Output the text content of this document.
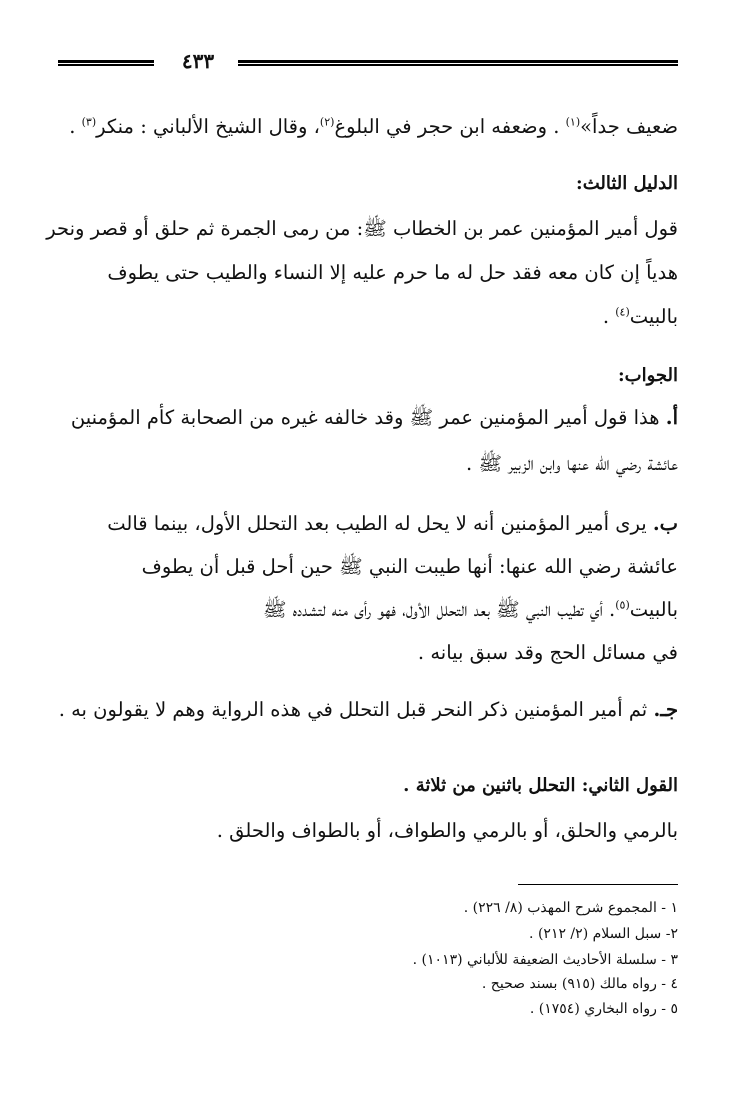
٤٣٣
ضعيف جداً»$^{(١)}$ . وضعفه ابن حجر في البلوغ$^{(٢)}$، وقال الشيخ الألباني : منكر$^{(٣)}$ .
الدليل الثالث:
قول أمير المؤمنين عمر بن الخطاب ﷺ: من رمى الجمرة ثم حلق أو قصر ونحر
هدياً إن كان معه فقد حل له ما حرم عليه إلا النساء والطيب حتى يطوف
بالبيت$^{(٤)}$ .
الجواب:
أ. هذا قول أمير المؤمنين عمر ﷺ وقد خالفه غيره من الصحابة كأم المؤمنين
عائشة رضي الله عنها وابن الزبير ﷺ .
ب. يرى أمير المؤمنين أنه لا يحل له الطيب بعد التحلل الأول، بينما قالت
عائشة رضي الله عنها: أنها طيبت النبي ﷺ حين أحل قبل أن يطوف
بالبيت$^{(٥)}$. أي تطيب النبي ﷺ بعد التحلل الأول، فهو رأى منه لتشدده ﷺ
في مسائل الحج وقد سبق بيانه .
جـ. ثم أمير المؤمنين ذكر النحر قبل التحلل في هذه الرواية وهم لا يقولون به .
القول الثاني: التحلل باثنين من ثلاثة .
بالرمي والحلق، أو بالرمي والطواف، أو بالطواف والحلق .
١ - المجموع شرح المهذب (٨/ ٢٢٦) .
٢- سبل السلام (٢/ ٢١٢) .
٣ - سلسلة الأحاديث الضعيفة للألباني (١٠١٣) .
٤ - رواه مالك (٩١٥) بسند صحيح .
٥ - رواه البخاري (١٧٥٤) .
